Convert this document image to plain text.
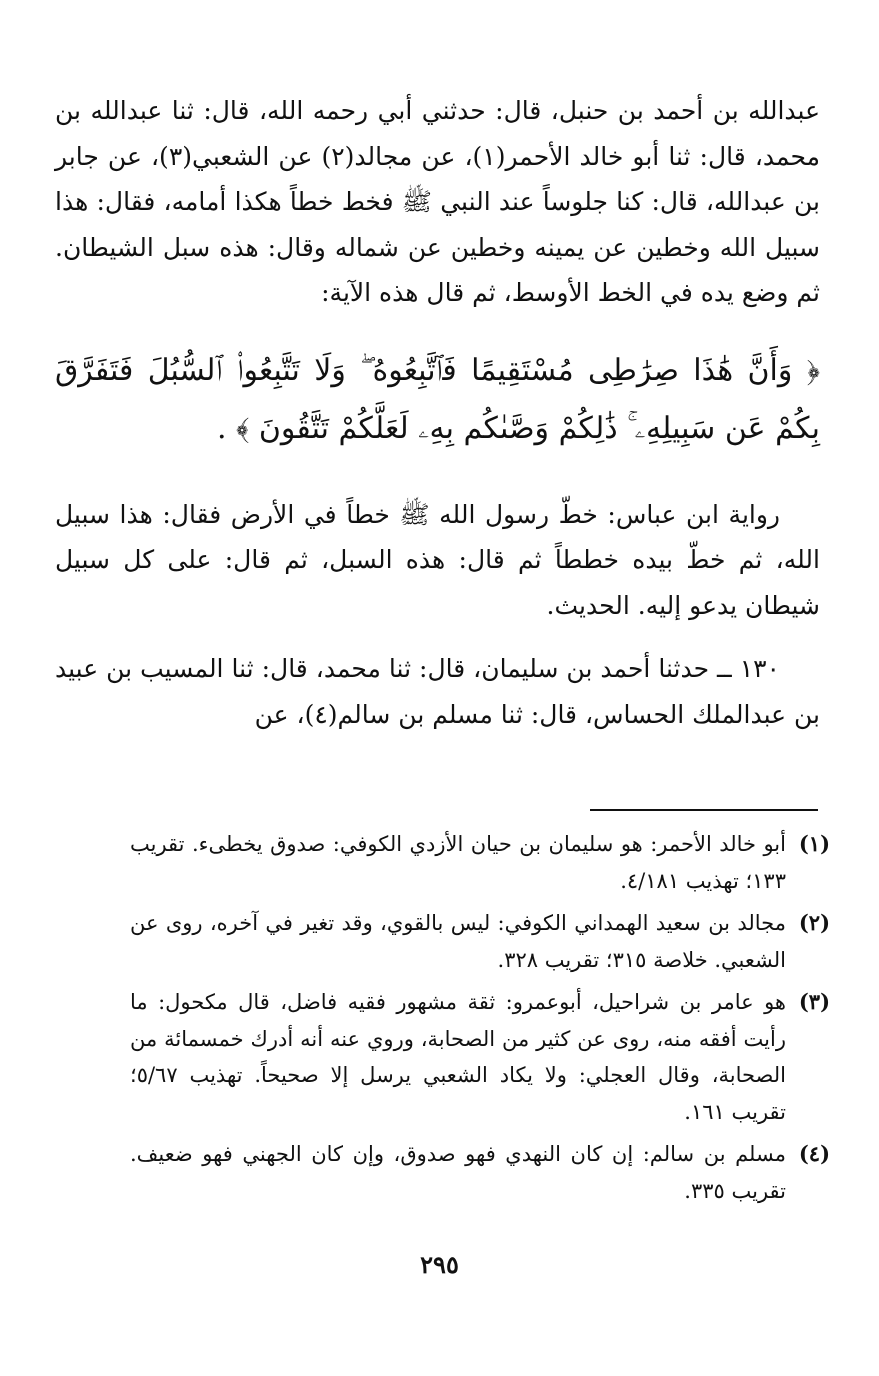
عبدالله بن أحمد بن حنبل، قال: حدثني أبي رحمه الله، قال: ثنا عبدالله بن محمد، قال: ثنا أبو خالد الأحمر(١)، عن مجالد(٢) عن الشعبي(٣)، عن جابر بن عبدالله، قال: كنا جلوساً عند النبي ﷺ فخط خطاً هكذا أمامه، فقال: هذا سبيل الله وخطين عن يمينه وخطين عن شماله وقال: هذه سبل الشيطان. ثم وضع يده في الخط الأوسط، ثم قال هذه الآية:

﴿ وَأَنَّ هَٰذَا صِرَٰطِى مُسْتَقِيمًا فَٱتَّبِعُوهُ ۖ وَلَا تَتَّبِعُوا۟ ٱلسُّبُلَ فَتَفَرَّقَ بِكُمْ عَن سَبِيلِهِۦ ۚ ذَٰلِكُمْ وَصَّىٰكُم بِهِۦ لَعَلَّكُمْ تَتَّقُونَ ﴾ .

رواية ابن عباس: خطّ رسول الله ﷺ خطاً في الأرض فقال: هذا سبيل الله، ثم خطّ بيده خططاً ثم قال: هذه السبل، ثم قال: على كل سبيل شيطان يدعو إليه. الحديث.

١٣٠ ــ حدثنا أحمد بن سليمان، قال: ثنا محمد، قال: ثنا المسيب بن عبيد بن عبدالملك الحساس، قال: ثنا مسلم بن سالم(٤)، عن

(١)
أبو خالد الأحمر: هو سليمان بن حيان الأزدي الكوفي: صدوق يخطىء. تقريب ١٣٣؛ تهذيب ٤/١٨١.
(٢)
مجالد بن سعيد الهمداني الكوفي: ليس بالقوي، وقد تغير في آخره، روى عن الشعبي. خلاصة ٣١٥؛ تقريب ٣٢٨.
(٣)
هو عامر بن شراحيل، أبوعمرو: ثقة مشهور فقيه فاضل، قال مكحول: ما رأيت أفقه منه، روى عن كثير من الصحابة، وروي عنه أنه أدرك خمسمائة من الصحابة، وقال العجلي: ولا يكاد الشعبي يرسل إلا صحيحاً. تهذيب ٥/٦٧؛ تقريب ١٦١.
(٤)
مسلم بن سالم: إن كان النهدي فهو صدوق، وإن كان الجهني فهو ضعيف. تقريب ٣٣٥.
٢٩٥
